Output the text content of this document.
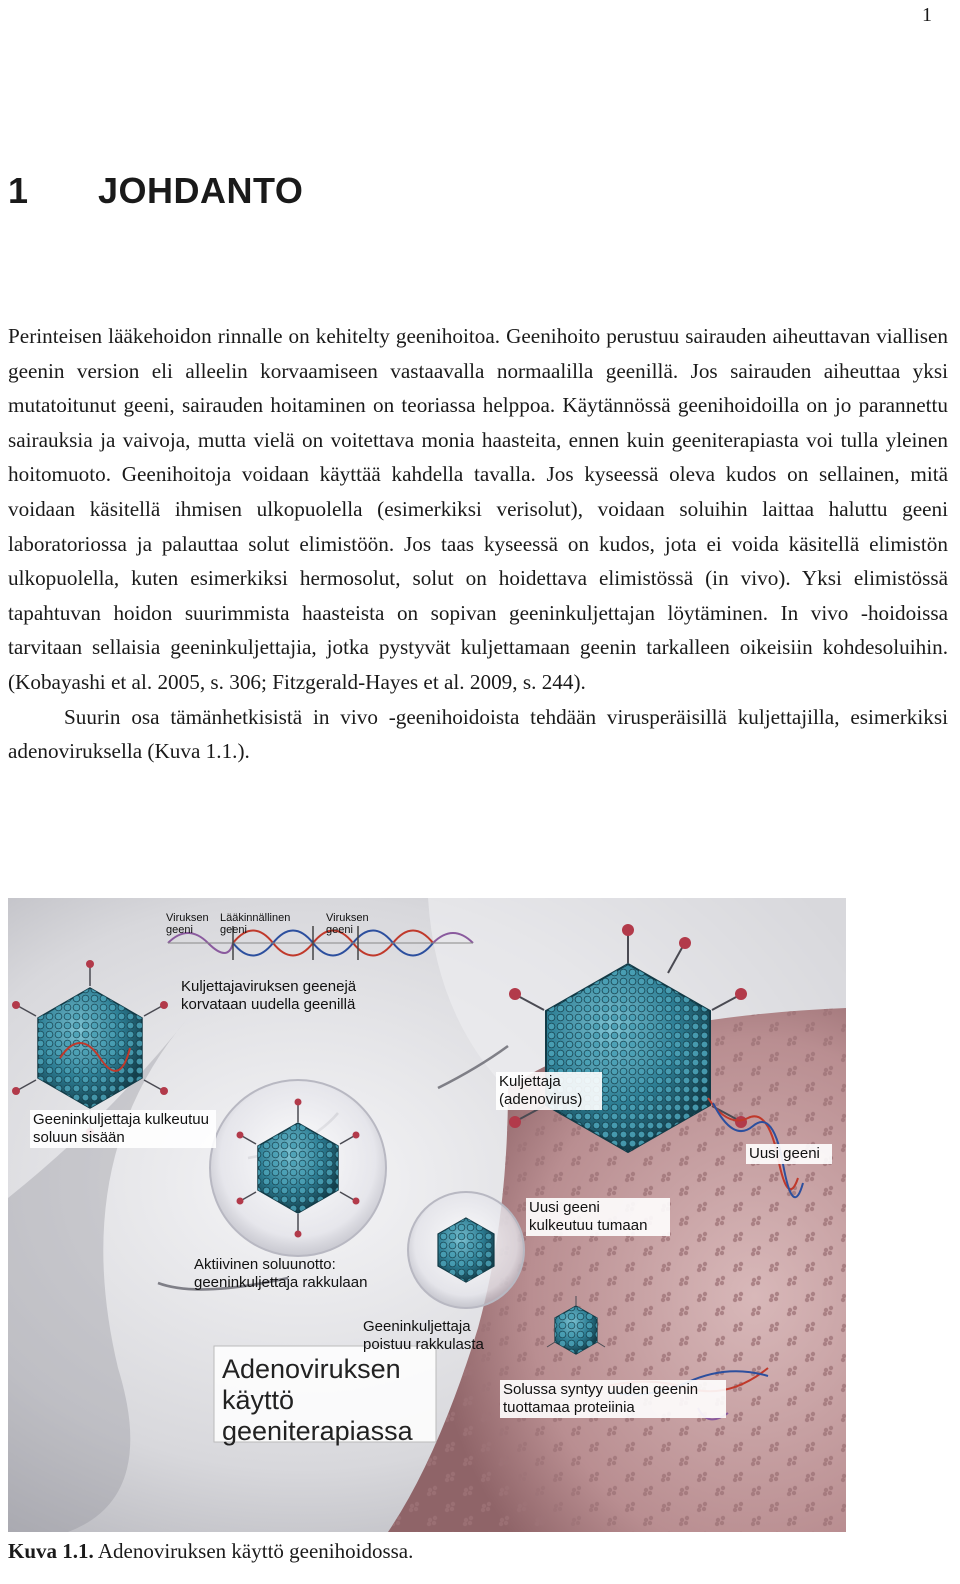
1
1 JOHDANTO

Perinteisen lääkehoidon rinnalle on kehitelty geenihoitoa. Geenihoito perustuu sairauden aiheuttavan viallisen geenin version eli alleelin korvaamiseen vastaavalla normaalilla geenillä. Jos sairauden aiheuttaa yksi mutatoitunut geeni, sairauden hoitaminen on teoriassa helppoa. Käytännössä geenihoidoilla on jo parannettu sairauksia ja vaivoja, mutta vielä on voitettava monia haasteita, ennen kuin geeniterapiasta voi tulla yleinen hoitomuoto. Geenihoitoja voidaan käyttää kahdella tavalla. Jos kyseessä oleva kudos on sellainen, mitä voidaan käsitellä ihmisen ulkopuolella (esimerkiksi verisolut), voidaan soluihin laittaa haluttu geeni laboratoriossa ja palauttaa solut elimistöön. Jos taas kyseessä on kudos, jota ei voida käsitellä elimistön ulkopuolella, kuten esimerkiksi hermosolut, solut on hoidettava elimistössä (in vivo). Yksi elimistössä tapahtuvan hoidon suurimmista haasteista on sopivan geeninkuljettajan löytäminen. In vivo -hoidoissa tarvitaan sellaisia geeninkuljettajia, jotka pystyvät kuljettamaan geenin tarkalleen oikeisiin kohdesoluihin. (Kobayashi et al. 2005, s. 306; Fitzgerald-Hayes et al. 2009, s. 244).

Suurin osa tämänhetkisistä in vivo -geenihoidoista tehdään virusperäisillä kuljettajilla, esimerkiksi adenoviruksella (Kuva 1.1.).

Viruksen geeni
Lääkinnällinen geeni
Viruksen geeni
Kuljettajaviruksen geenejä korvataan uudella geenillä
Geeninkuljettaja kulkeutuu soluun sisään
Kuljettaja (adenovirus)
Uusi geeni
Uusi geeni kulkeutuu tumaan
Aktiivinen soluunotto: geeninkuljettaja rakkulaan
Geeninkuljettaja poistuu rakkulasta
Solussa syntyy uuden geenin tuottamaa proteiinia
Adenoviruksen käyttö geeniterapiassa

Kuva 1.1. Adenoviruksen käyttö geenihoidossa.
